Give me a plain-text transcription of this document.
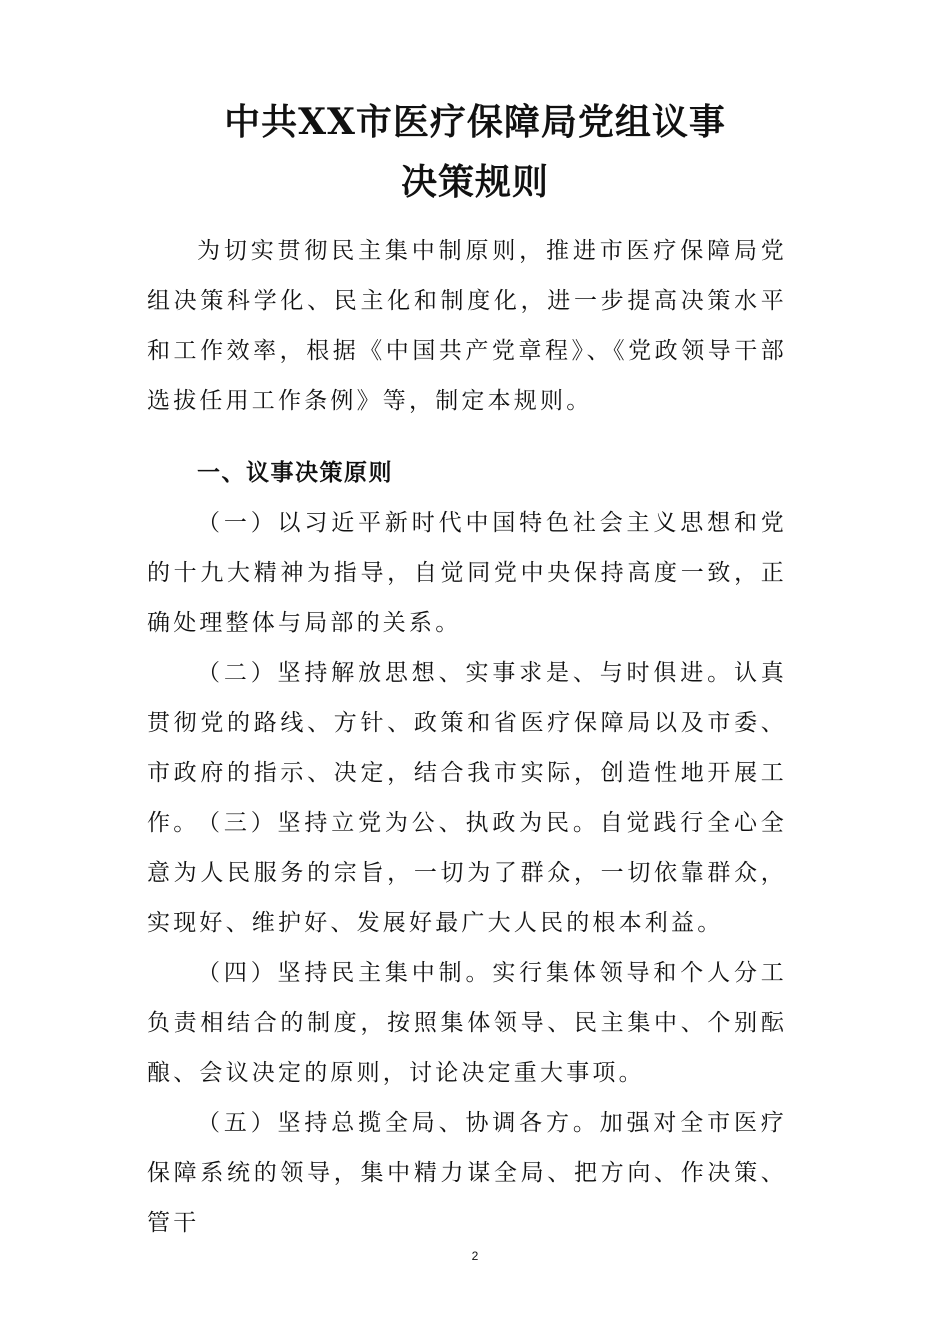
中共XX市医疗保障局党组议事
决策规则

为切实贯彻民主集中制原则，推进市医疗保障局党组决策科学化、民主化和制度化，进一步提高决策水平和工作效率，根据《中国共产党章程》、《党政领导干部选拔任用工作条例》等，制定本规则。

一、议事决策原则

（一）以习近平新时代中国特色社会主义思想和党的十九大精神为指导，自觉同党中央保持高度一致，正确处理整体与局部的关系。

（二）坚持解放思想、实事求是、与时俱进。认真贯彻党的路线、方针、政策和省医疗保障局以及市委、市政府的指示、决定，结合我市实际，创造性地开展工作。

（三）坚持立党为公、执政为民。自觉践行全心全意为人民服务的宗旨，一切为了群众，一切依靠群众，实现好、维护好、发展好最广大人民的根本利益。

（四）坚持民主集中制。实行集体领导和个人分工负责相结合的制度，按照集体领导、民主集中、个别酝酿、会议决定的原则，讨论决定重大事项。

（五）坚持总揽全局、协调各方。加强对全市医疗保障系统的领导，集中精力谋全局、把方向、作决策、管干

2
